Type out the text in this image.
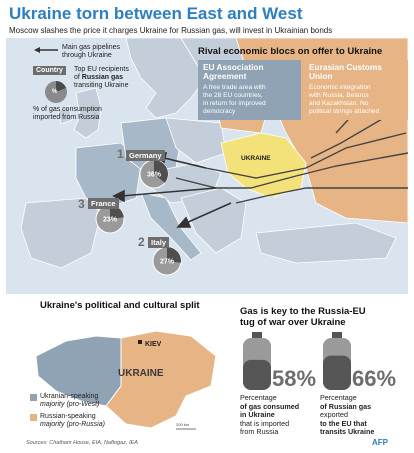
Ukraine torn between East and West
Moscow slashes the price it charges Ukraine for Russian gas, will invest in Ukrainian bonds
36%
23%
27%
UKRAINE
Main gas pipelines
through Ukraine
Country	Top EU recipients
of Russian gas
transiting Ukraine
%
% of gas consumption
imported from Russia
Rival economic blocs on offer to Ukraine
EU Association
Agreement
A free trade area with
the 28 EU countries,
in return for improved
democracy
Eurasian Customs
Union
Economic integration
with Russia, Belarus
and Kazakhstan. No
political strings attached
1 Germany
3 France
2 Italy
Ukraine's political and cultural split
KIEV
UKRAINE
200 km
Ukranian-speaking
majority (pro-West)
Russian-speaking
majority (pro-Russia)
Gas is key to the Russia-EU
tug of war over Ukraine
58% 66%
Percentage
of gas consumed
in Ukraine
that is imported
from Russia
Percentage
of Russian gas
exported
to the EU that
transits Ukraine
Sources: Chatham House, EIA, Naftogaz, IEA	AFP
